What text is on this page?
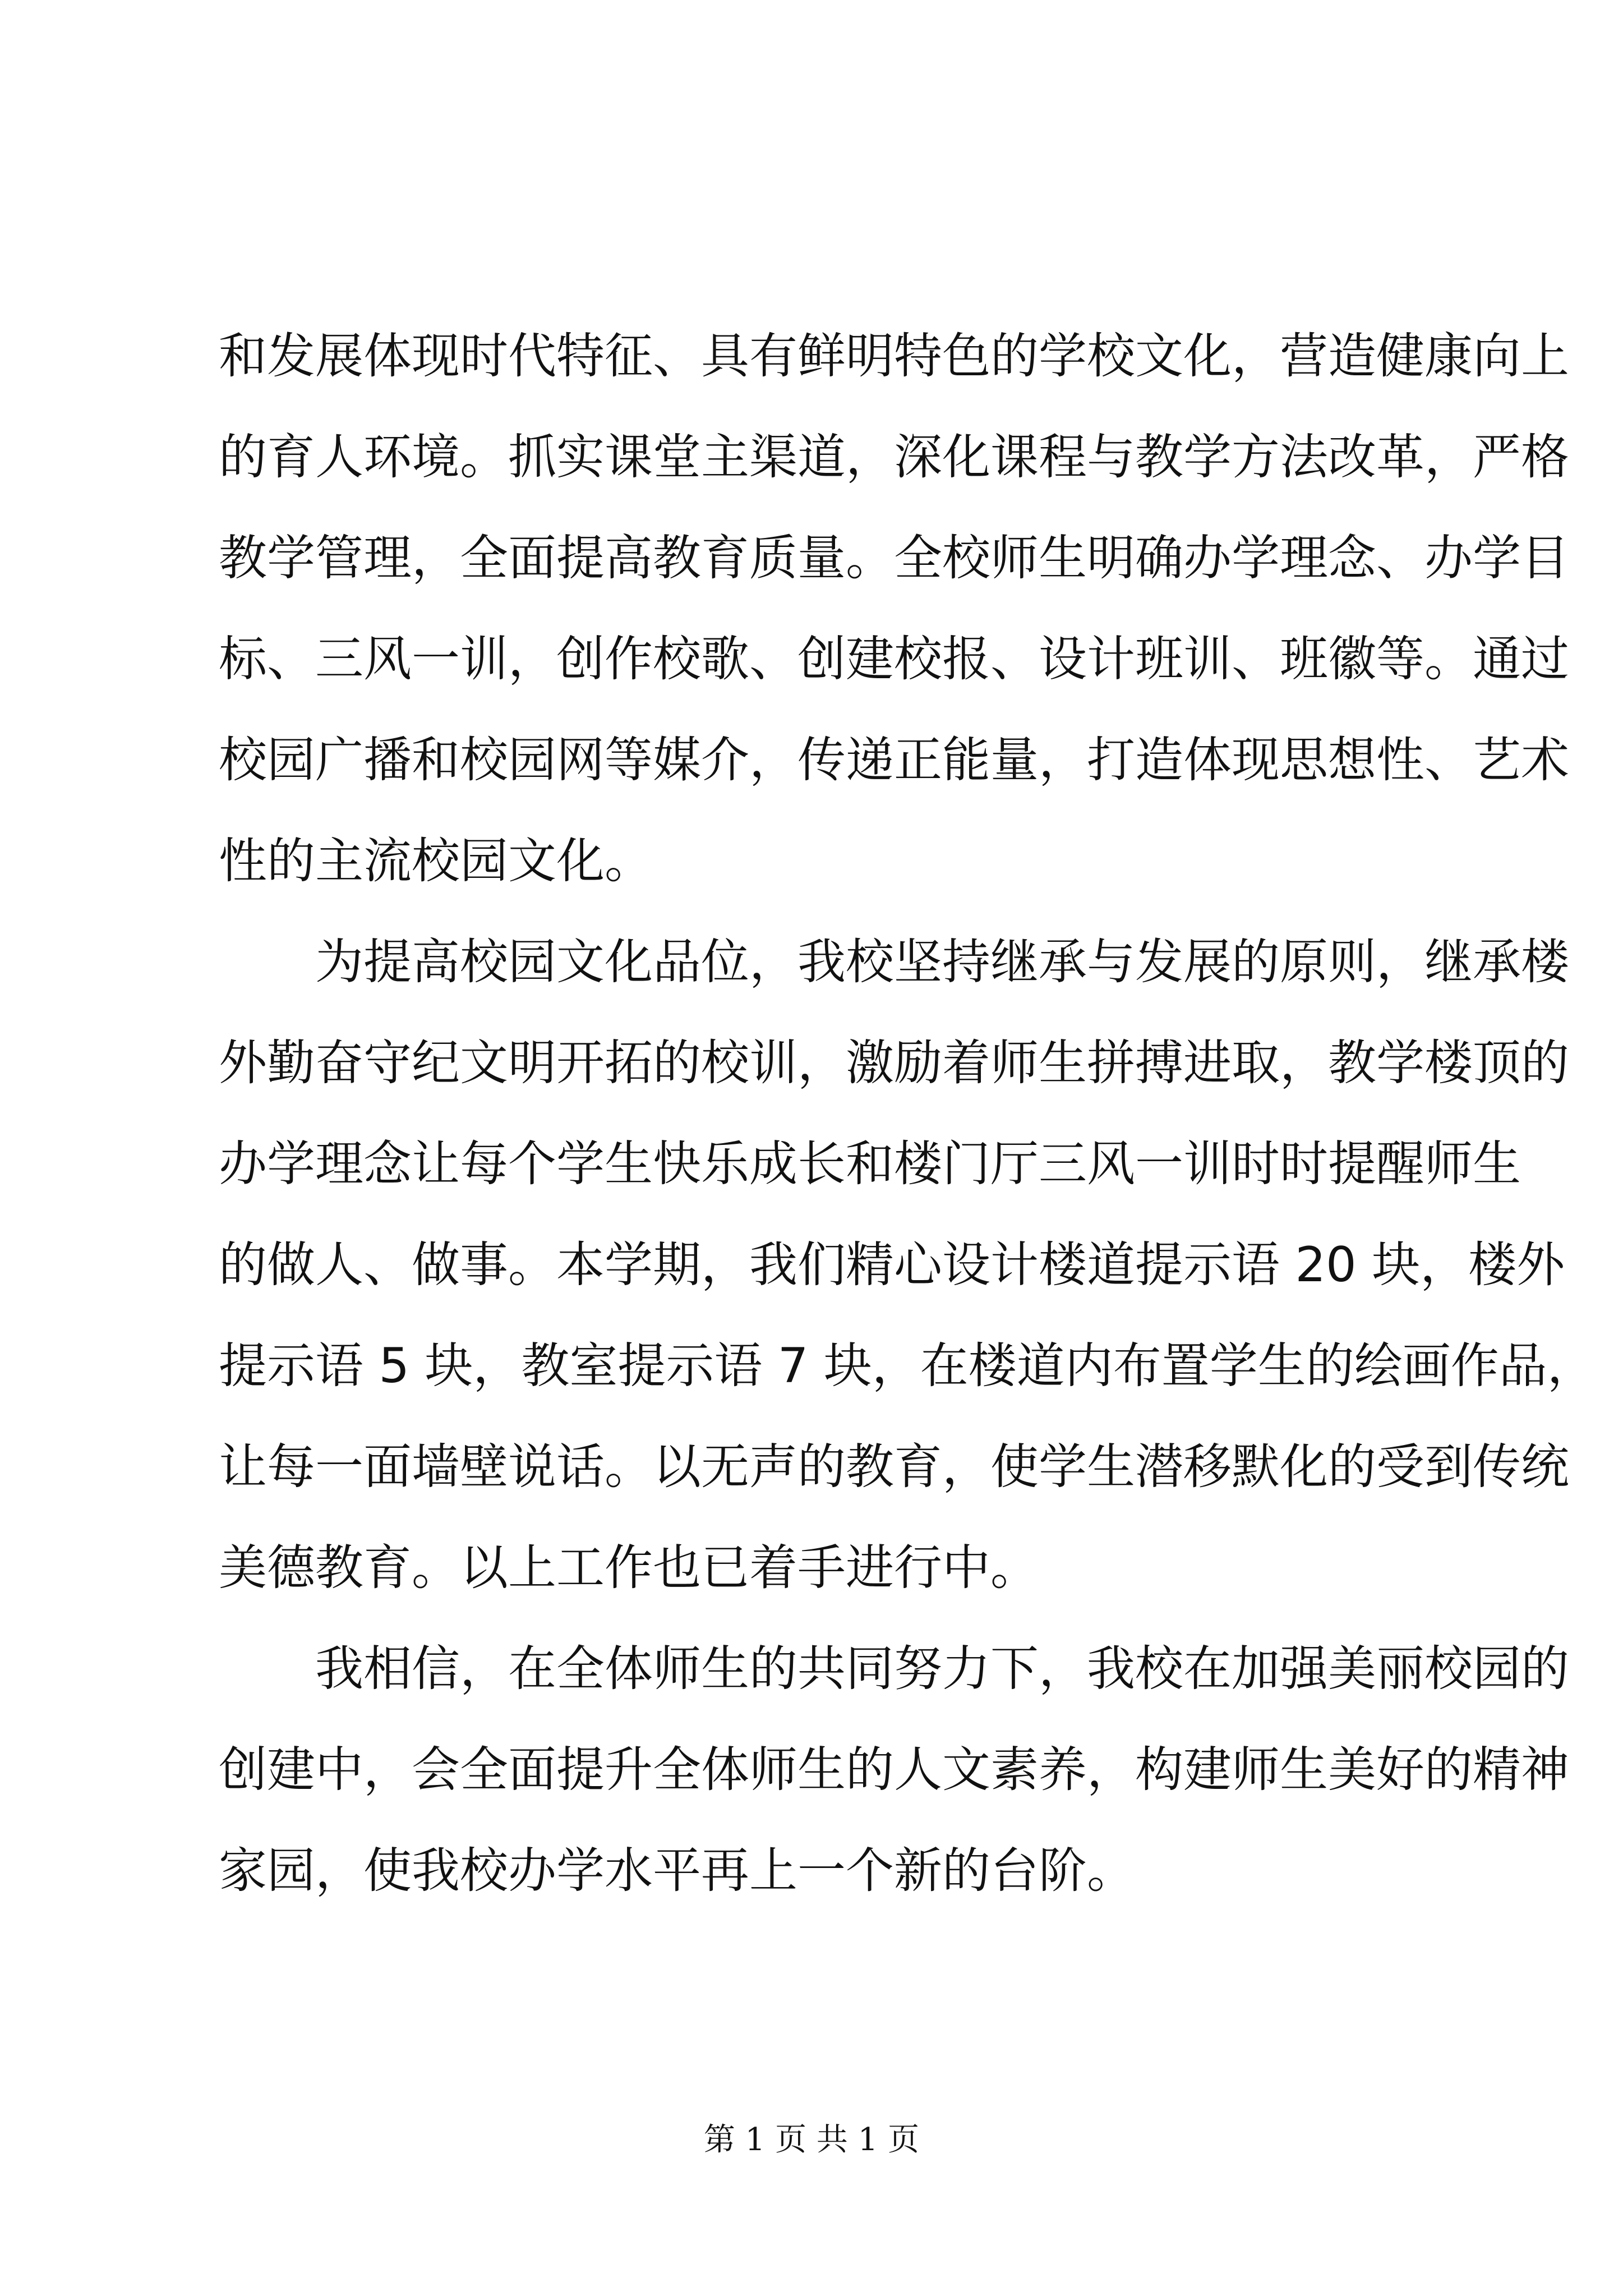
和发展体现时代特征、具有鲜明特色的学校文化，营造健康向上
的育人环境。抓实课堂主渠道，深化课程与教学方法改革，严格
教学管理，全面提高教育质量。全校师生明确办学理念、办学目
标、三风一训，创作校歌、创建校报、设计班训、班徽等。通过
校园广播和校园网等媒介，传递正能量，打造体现思想性、艺术
性的主流校园文化。

为提高校园文化品位，我校坚持继承与发展的原则，继承楼
外勤奋守纪文明开拓的校训，激励着师生拼搏进取，教学楼顶的
办学理念让每个学生快乐成长和楼门厅三风一训时时提醒师生
的做人、做事。本学期，我们精心设计楼道提示语 20 块，楼外
提示语 5 块，教室提示语 7 块，在楼道内布置学生的绘画作品，
让每一面墙壁说话。以无声的教育，使学生潜移默化的受到传统
美德教育。以上工作也已着手进行中。

我相信，在全体师生的共同努力下，我校在加强美丽校园的
创建中，会全面提升全体师生的人文素养，构建师生美好的精神
家园，使我校办学水平再上一个新的台阶。

第 1 页 共 1 页
